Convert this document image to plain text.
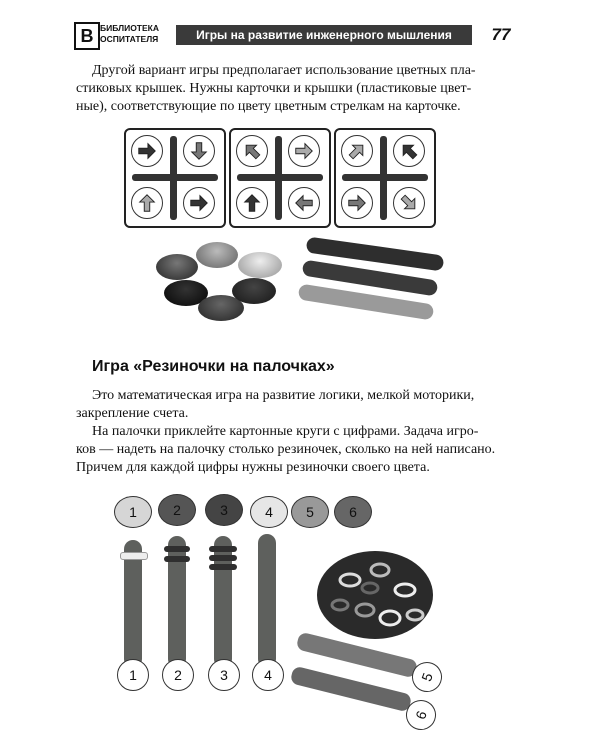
В БИБЛИОТЕКА
ОСПИТАТЕЛЯ	Игры на развитие инженерного мышления	77
Другой вариант игры предполагает использование цветных пла-
стиковых крышек. Нужны карточки и крышки (пластиковые цвет-
ные), соответствующие по цвету цветным стрелкам на карточке.
Игра «Резиночки на палочках»
Это математическая игра на развитие логики, мелкой моторики,
закрепление счета.
На палочки приклейте картонные круги с цифрами. Задача игро-
ков — надеть на палочку столько резиночек, сколько на ней написано.
Причем для каждой цифры нужны резиночки своего цвета.
1	2	3	4	5	6
1	2	3	4	5
6
